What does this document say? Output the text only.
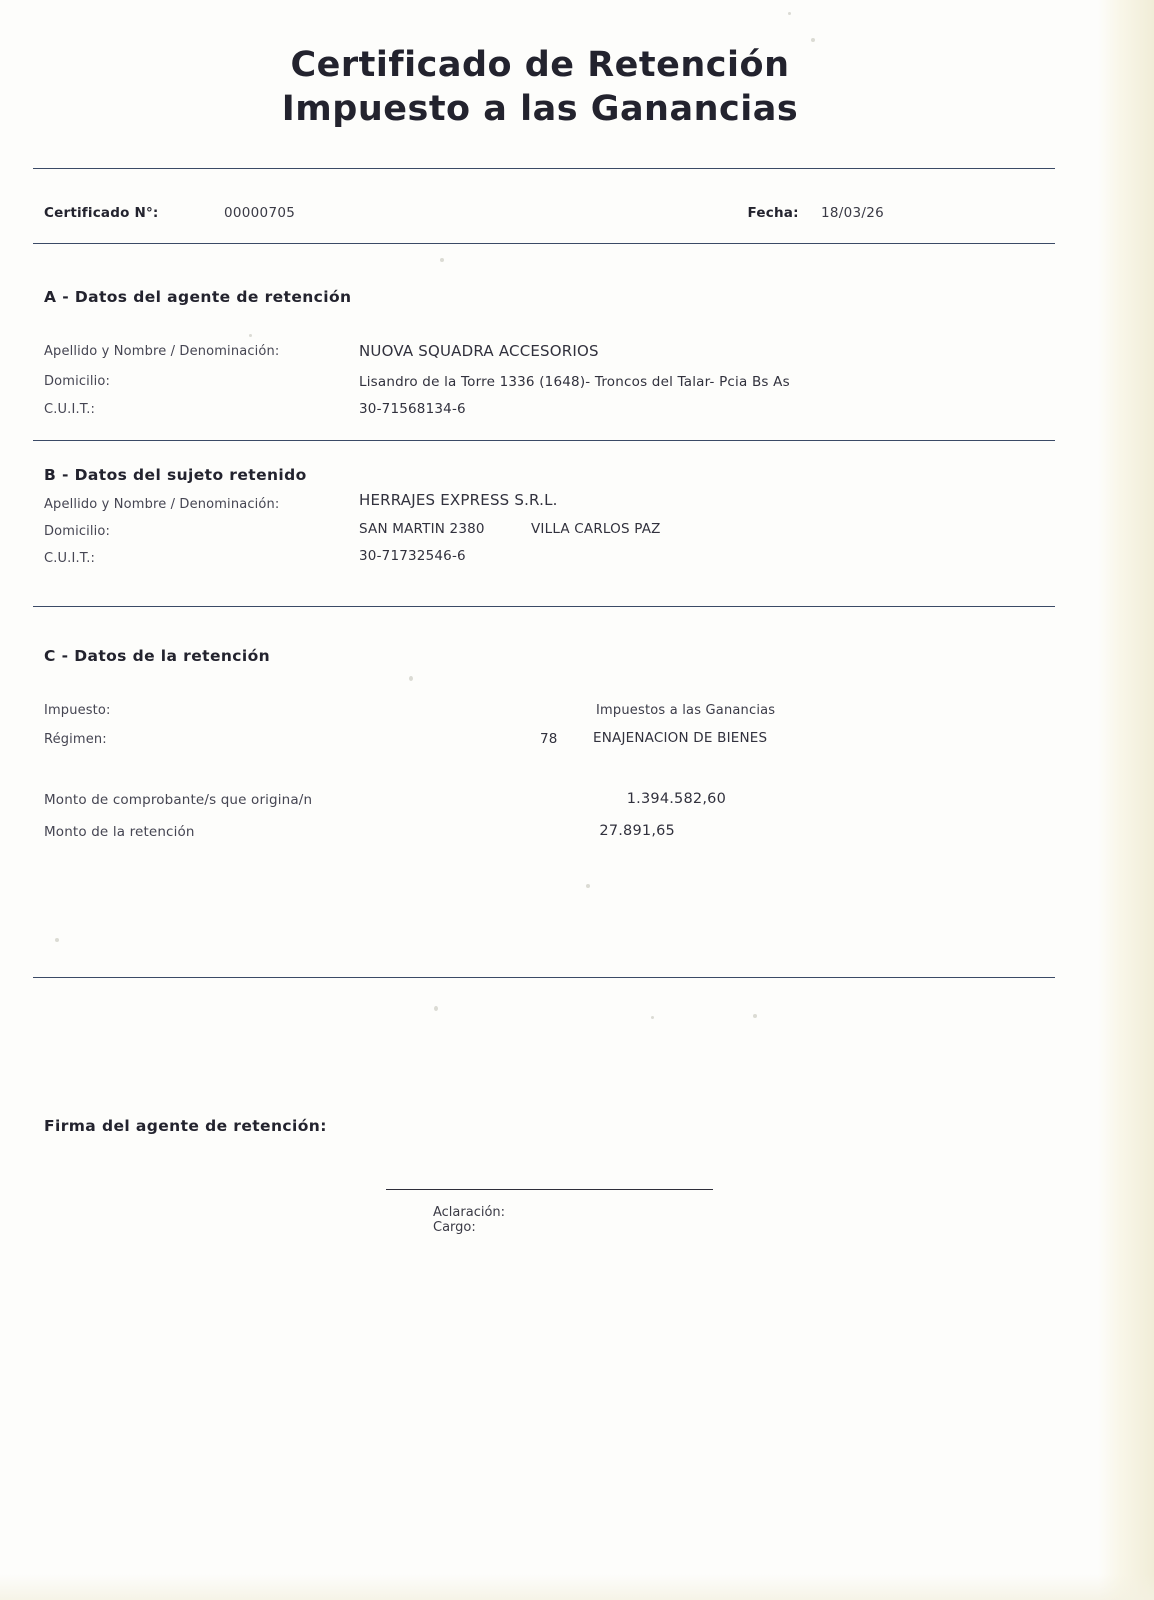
Certificado de Retención
Impuesto a las Ganancias
Certificado N°:	00000705	Fecha: 18/03/26
A - Datos del agente de retención
Apellido y Nombre / Denominación:	NUOVA SQUADRA ACCESORIOS
Domicilio:	Lisandro de la Torre 1336 (1648)- Troncos del Talar- Pcia Bs As
C.U.I.T.:	30-71568134-6
B - Datos del sujeto retenido
Apellido y Nombre / Denominación:	HERRAJES EXPRESS S.R.L.
Domicilio:	SAN MARTIN 2380	VILLA CARLOS PAZ
C.U.I.T.:	30-71732546-6
C - Datos de la retención
Impuesto:	Impuestos a las Ganancias
Régimen:	78	ENAJENACION DE BIENES
Monto de comprobante/s que origina/n	1.394.582,60
Monto de la retención	27.891,65
Firma del agente de retención:
Aclaración:
Cargo:
